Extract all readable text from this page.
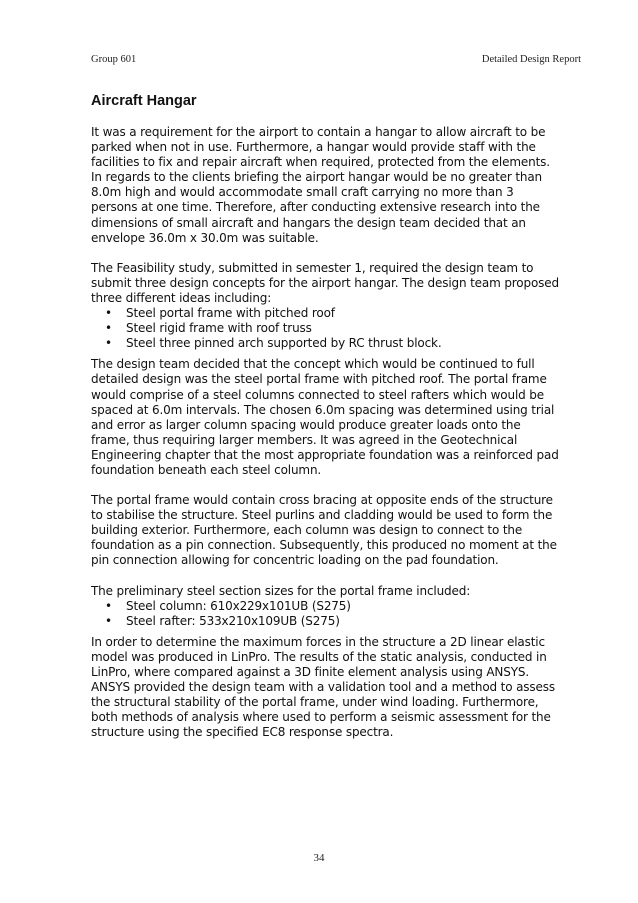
Group 601	Detailed Design Report
Aircraft Hangar

It was a requirement for the airport to contain a hangar to allow aircraft to be parked when not in use. Furthermore, a hangar would provide staff with the facilities to fix and repair aircraft when required, protected from the elements. In regards to the clients briefing the airport hangar would be no greater than 8.0m high and would accommodate small craft carrying no more than 3 persons at one time. Therefore, after conducting extensive research into the dimensions of small aircraft and hangars the design team decided that an envelope 36.0m x 30.0m was suitable.

The Feasibility study, submitted in semester 1, required the design team to submit three design concepts for the airport hangar. The design team proposed three different ideas including:

• Steel portal frame with pitched roof
• Steel rigid frame with roof truss
• Steel three pinned arch supported by RC thrust block.

The design team decided that the concept which would be continued to full detailed design was the steel portal frame with pitched roof. The portal frame would comprise of a steel columns connected to steel rafters which would be spaced at 6.0m intervals. The chosen 6.0m spacing was determined using trial and error as larger column spacing would produce greater loads onto the frame, thus requiring larger members. It was agreed in the Geotechnical Engineering chapter that the most appropriate foundation was a reinforced pad foundation beneath each steel column.

The portal frame would contain cross bracing at opposite ends of the structure to stabilise the structure. Steel purlins and cladding would be used to form the building exterior. Furthermore, each column was design to connect to the foundation as a pin connection. Subsequently, this produced no moment at the pin connection allowing for concentric loading on the pad foundation.

The preliminary steel section sizes for the portal frame included:

• Steel column: 610x229x101UB (S275)
• Steel rafter: 533x210x109UB (S275)

In order to determine the maximum forces in the structure a 2D linear elastic model was produced in LinPro. The results of the static analysis, conducted in LinPro, where compared against a 3D finite element analysis using ANSYS. ANSYS provided the design team with a validation tool and a method to assess the structural stability of the portal frame, under wind loading. Furthermore, both methods of analysis where used to perform a seismic assessment for the structure using the specified EC8 response spectra.

34
